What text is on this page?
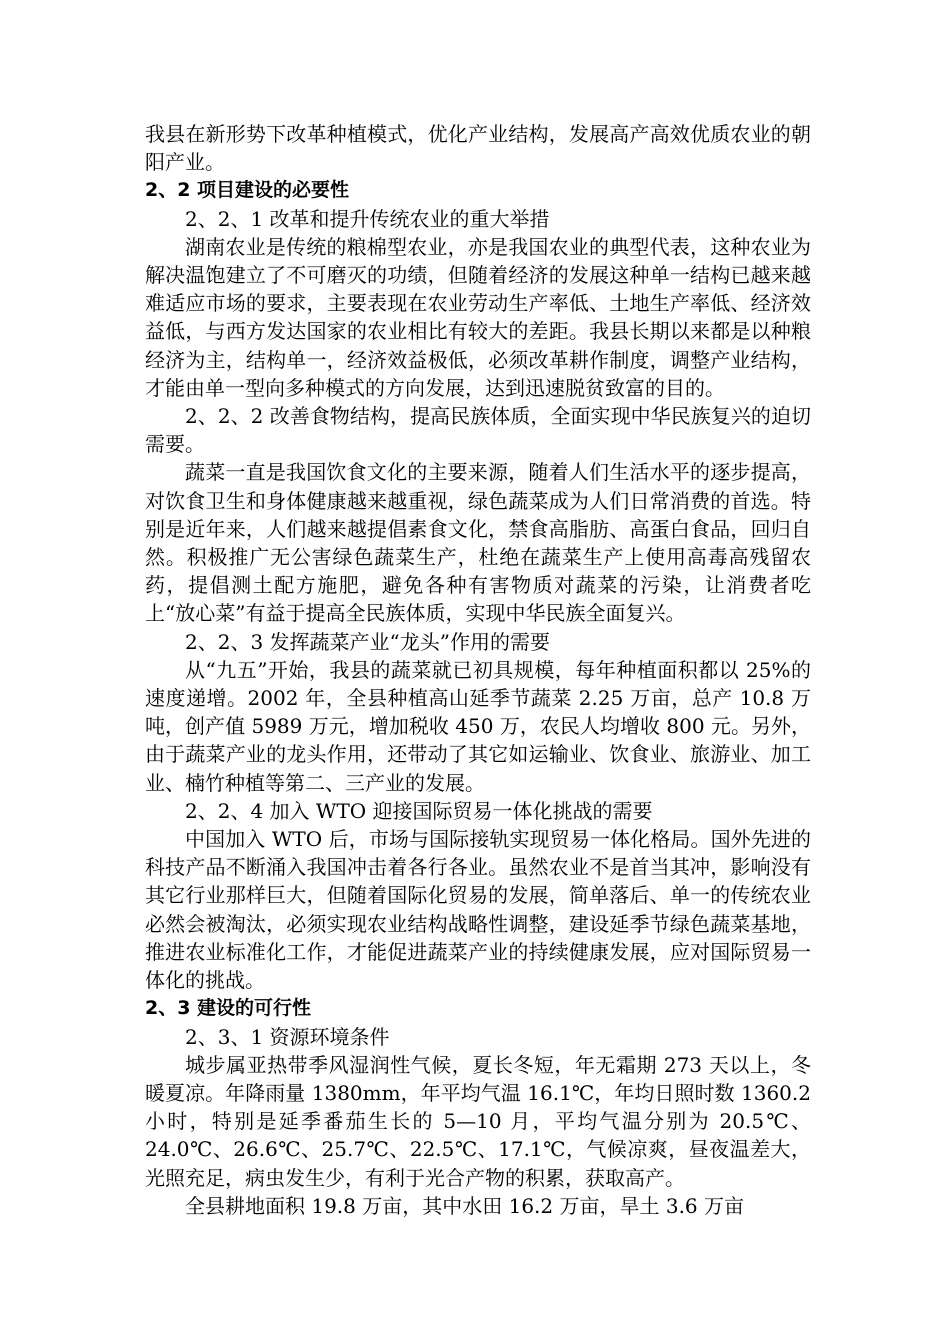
我县在新形势下改革种植模式，优化产业结构，发展高产高效优质农业的朝阳产业。

2、2 项目建设的必要性

2、2、1 改革和提升传统农业的重大举措

湖南农业是传统的粮棉型农业，亦是我国农业的典型代表，这种农业为解决温饱建立了不可磨灭的功绩，但随着经济的发展这种单一结构已越来越难适应市场的要求，主要表现在农业劳动生产率低、土地生产率低、经济效益低，与西方发达国家的农业相比有较大的差距。我县长期以来都是以种粮经济为主，结构单一，经济效益极低，必须改革耕作制度，调整产业结构，才能由单一型向多种模式的方向发展，达到迅速脱贫致富的目的。

2、2、2 改善食物结构，提高民族体质，全面实现中华民族复兴的迫切需要。

蔬菜一直是我国饮食文化的主要来源，随着人们生活水平的逐步提高，对饮食卫生和身体健康越来越重视，绿色蔬菜成为人们日常消费的首选。特别是近年来，人们越来越提倡素食文化，禁食高脂肪、高蛋白食品，回归自然。积极推广无公害绿色蔬菜生产，杜绝在蔬菜生产上使用高毒高残留农药，提倡测土配方施肥，避免各种有害物质对蔬菜的污染，让消费者吃上“放心菜”有益于提高全民族体质，实现中华民族全面复兴。

2、2、3 发挥蔬菜产业“龙头”作用的需要

从“九五”开始，我县的蔬菜就已初具规模，每年种植面积都以 25%的速度递增。2002 年，全县种植高山延季节蔬菜 2.25 万亩，总产 10.8 万吨，创产值 5989 万元，增加税收 450 万，农民人均增收 800 元。另外，由于蔬菜产业的龙头作用，还带动了其它如运输业、饮食业、旅游业、加工业、楠竹种植等第二、三产业的发展。

2、2、4 加入 WTO 迎接国际贸易一体化挑战的需要

中国加入 WTO 后，市场与国际接轨实现贸易一体化格局。国外先进的科技产品不断涌入我国冲击着各行各业。虽然农业不是首当其冲，影响没有其它行业那样巨大，但随着国际化贸易的发展，简单落后、单一的传统农业必然会被淘汰，必须实现农业结构战略性调整，建设延季节绿色蔬菜基地，推进农业标准化工作，才能促进蔬菜产业的持续健康发展，应对国际贸易一体化的挑战。

2、3 建设的可行性

2、3、1 资源环境条件

城步属亚热带季风湿润性气候，夏长冬短，年无霜期 273 天以上，冬暖夏凉。年降雨量 1380mm，年平均气温 16.1℃，年均日照时数 1360.2 小时，特别是延季番茄生长的 5—10 月，平均气温分别为 20.5℃、24.0℃、26.6℃、25.7℃、22.5℃、17.1℃，气候凉爽，昼夜温差大，光照充足，病虫发生少，有利于光合产物的积累，获取高产。

全县耕地面积 19.8 万亩，其中水田 16.2 万亩，旱土 3.6 万亩
